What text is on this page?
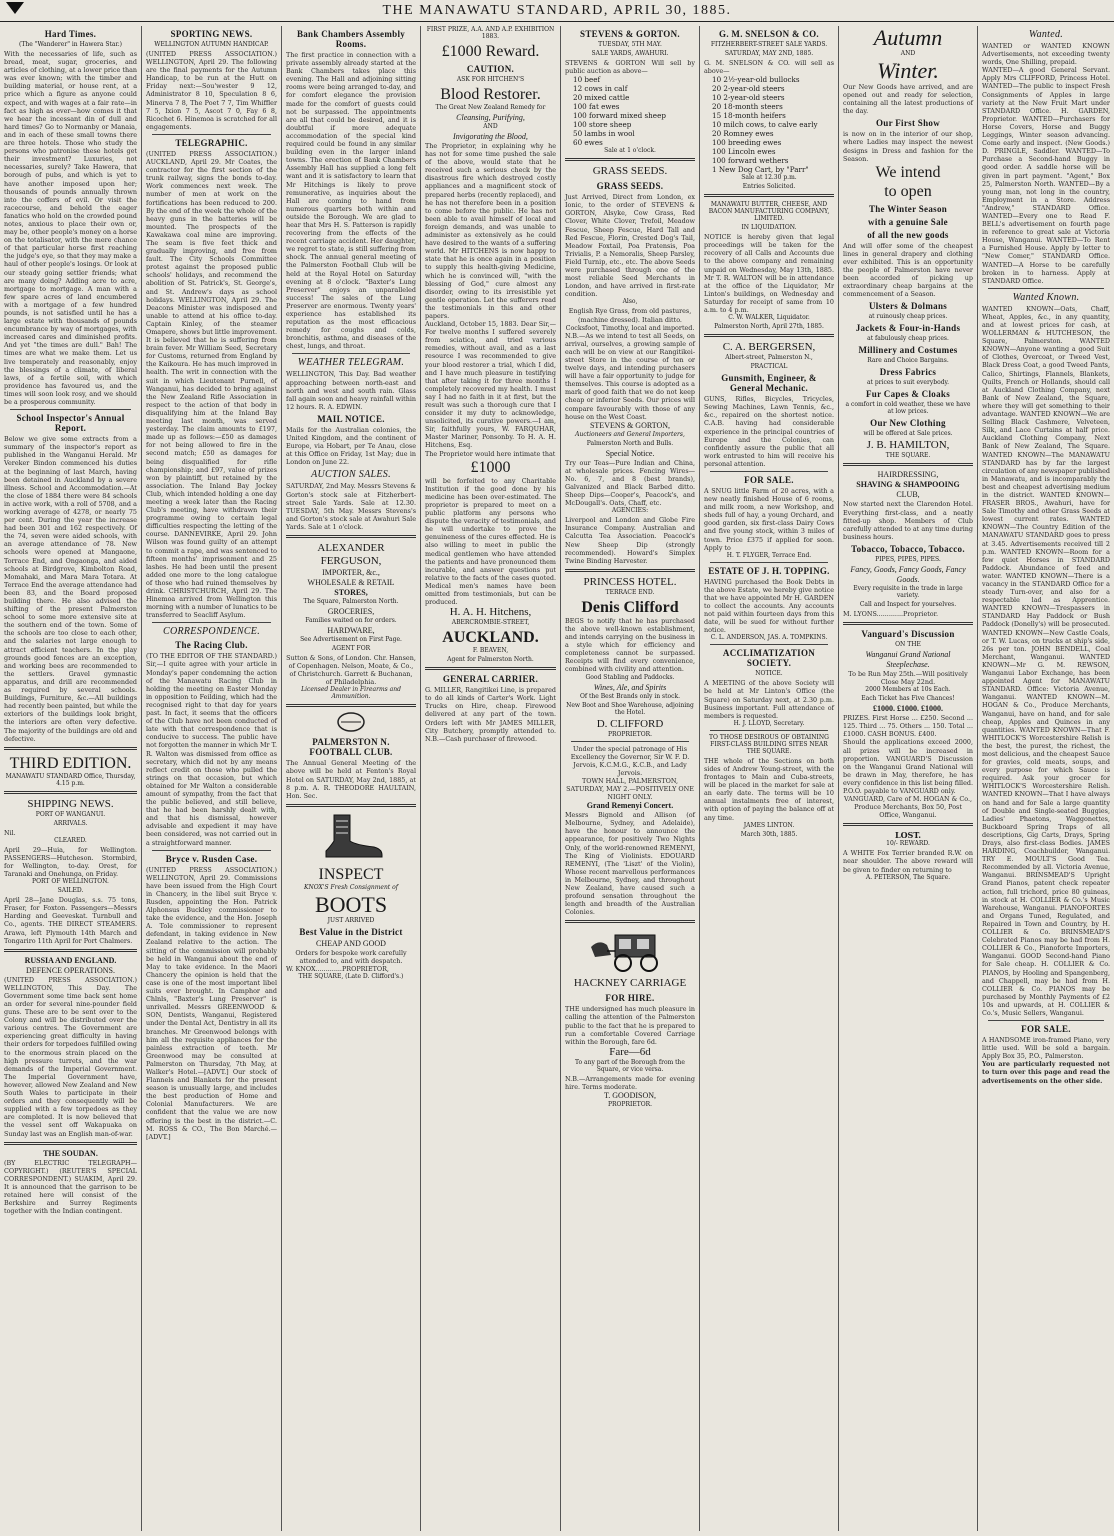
THE MANAWATU STANDARD, APRIL 30, 1885.
Hard Times.
(The "Wanderer" in Hawera Star.)
With the necessaries of life, such as bread, meat, sugar, groceries, and articles of clothing, at a lower price than was ever known; with the timber and building material, or house rent, at a price which a figure as anyone could expect, and with wages at a fair rate—in fact as high as ever—how comes it that we hear the incessant din of dull and hard times? Go to Normanby or Manaia, and in each of these small towns there are three hotels. Those who study the persons who patronise these hotels get their investment? Luxuries, not necessaries, surely? Take Hawera, that borough of pubs, and which is yet to have another imposed upon her; thousands of pounds annually thrown into the coffers of evil. Or visit the racecourse, and behold the eager fanatics who hold on the crowded pound notes, anxious to place their own or, may be, other people's money on a horse on the totalisator, with the mere chance of that particular horse first reaching the judge's eye, so that they may make a haul of other people's losings. Or look at our steady going settler friends; what are many doing? Adding acre to acre, mortgage to mortgage. A man with a few spare acres of land encumbered with a mortgage of a few hundred pounds, is not satisfied until he has a large estate with thousands of pounds encumbrance by way of mortgages, with increased cares and diminished profits. And yet "the times are dull." Bah! The times are what we make them. Let us live temperately and reasonably, enjoy the blessings of a climate, of liberal laws, of a fertile soil, with which providence has favoured us, and the times will soon look rosy, and we should be a prosperous community.
School Inspector's Annual Report.
Below we give some extracts from a summary of the inspector's report as published in the Wanganui Herald. Mr Vereker Bindon commenced his duties at the beginning of last March, having been detained in Auckland by a severe illness. School and Accommodation.—At the close of 1884 there were 84 schools in active work, with a roll of 5708, and a working average of 4278, or nearly 75 per cent. During the year the increase had been 301 and 162 respectively. Of the 74, seven were aided schools, with an average attendance of 78. New schools were opened at Mangaone, Torrace End, and Ongaonga, and aided schools at Birdgrove, Kimbolton Road, Momahaki, and Mara Mara Totara. At Terrace End the average attendance had been 83, and the Board proposed building there. He also advised the shifting of the present Palmerston school to some more extensive site at the southern end of the town. Some of the schools are too close to each other, and the salaries not large enough to attract efficient teachers. In the play grounds good fences are an exception, and working bees are recommended to the settlers. Gravel gymnastic apparatus, and drill are recommended as required by several schools. Buildings, Furniture, &c.—All buildings had recently been painted, but while the exteriors of the buildings look bright, the interiors are often very defective. The majority of the buildings are old and defective.
THIRD EDITION.
MANAWATU STANDARD Office, Thursday, 4.15 p.m.
SHIPPING NEWS.
PORT OF WANGANUI.
ARRIVALS.
Nil.
CLEARED.
April 29—Huia, for Wellington. PASSENGERS—Hutcheson. Stormbird, for Wellington, to-day. Orest, for Taranaki and Onehunga, on Friday.
PORT OF WELLINGTON.
SAILED.
April 28—Jane Douglas, s.s. 75 tons, Fraser, for Foxton. Passengers—Messrs Harding and Geeveskat. Turnbull and Co., agents. THE DIRECT STEAMERS. Arawa, left Plymouth 14th March and Tongariro 11th April for Port Chalmers.
RUSSIA AND ENGLAND.
DEFENCE OPERATIONS.
(UNITED PRESS ASSOCIATION.) WELLINGTON, This Day. The Government some time back sent home an order for several nine-pounder field guns. These are to be sent over to the Colony and will be distributed over the various centres. The Government are experiencing great difficulty in having their orders for torpedoes fulfilled owing to the enormous strain placed on the high pressure turrets, and the war demands of the Imperial Government. The Imperial Government have, however, allowed New Zealand and New South Wales to participate in their orders and they consequently will be supplied with a few torpedoes as they are completed. It is now believed that the vessel sent off Wakapuaka on Sunday last was an English man-of-war.
THE SOUDAN.
(BY ELECTRIC TELEGRAPH—COPYRIGHT.) (REUTER'S SPECIAL CORRESPONDENT.) SUAKIM, April 29. It is announced that the garrison to be retained here will consist of the Berkshire and Surrey Regiments together with the Indian contingent.
SPORTING NEWS.
WELLINGTON AUTUMN HANDICAP.
(UNITED PRESS ASSOCIATION.) WELLINGTON, April 29. The following are the final payments for the Autumn Handicap, to be run at the Hutt on Friday next:—Sou'wester 9 12, Administrator 8 10, Speculation 8 6, Minerva 7 8, The Poet 7 7, Tim Whiffler 7 5, Ixion 7 5, Ascot 7 0, Fay 6 8, Ricochet 6. Hinemoa is scratched for all engagements.
TELEGRAPHIC.
(UNITED PRESS ASSOCIATION.) AUCKLAND, April 29. Mr Coates, the contractor for the first section of the trunk railway, signs the bonds to-day. Work commences next week. The number of men at work on the fortifications has been reduced to 200. By the end of the week the whole of the heavy guns in the batteries will be mounted. The prospects of the Kawakawa coal mine are improving. The seam is five feet thick and gradually improving, and free from fault. The City Schools Committee protest against the proposed public schools' holidays, and recommend the abolition of St. Patrick's, St. George's, and St. Andrew's days as school holidays. WELLINGTON, April 29. The Deacons Minister was indisposed and unable to attend at his office to-day. Captain Kinley, of the steamer Omapere, shows but little improvement. It is believed that he is suffering from brain fever. Mr William Seed, Secretary for Customs, returned from England by the Kaikoura. He has much improved in health. The writ in connection with the suit in which Lieutenant Purnell, of Wanganui, has decided to bring against the New Zealand Rifle Association in respect to the action of that body in disqualifying him at the Inland Bay meeting last month, was served yesterday. The claim amounts to £197, made up as follows:—£50 as damages for not being allowed to fire in the second match; £50 as damages for being disqualified for rifle championship; and £97, value of prizes won by plaintiff, but retained by the association. The Inland Bay Jockey Club, which intended holding a one day meeting a week later than the Racing Club's meeting, have withdrawn their programme owing to certain legal difficulties respecting the letting of the course. DANNEVIRKE, April 29. John Wilson was found guilty of an attempt to commit a rape, and was sentenced to fifteen months' imprisonment and 25 lashes. He had been until the present added one more to the long catalogue of those who had ruined themselves by drink. CHRISTCHURCH, April 29. The Hinemoa arrived from Wellington this morning with a number of lunatics to be transferred to Seacliff Asylum.
CORRESPONDENCE.
The Racing Club.
(TO THE EDITOR OF THE STANDARD.) Sir,—I quite agree with your article in Monday's paper condemning the action of the Manawatu Racing Club in holding the meeting on Easter Monday in opposition to Feilding, which had the recognised right to that day for years past. In fact, it seems that the officers of the Club have not been conducted of late with that correspondence that is conducive to success. The public have not forgotten the manner in which Mr T. R. Walton was dismissed from office as secretary, which did not by any means reflect credit on those who pulled the strings on that occasion, but which obtained for Mr Walton a considerable amount of sympathy, from the fact that the public believed, and still believe, that he had been harshly dealt with, and that his dismissal, however advisable and expedient it may have been considered, was not carried out in a straightforward manner.
Bryce v. Rusden Case.
(UNITED PRESS ASSOCIATION.) WELLINGTON, April 29. Commissions have been issued from the High Court in Chancery, in the libel suit Bryce v. Rusden, appointing the Hon. Patrick Alphonsus Buckley commissioner to take the evidence, and the Hon. Joseph A. Tole commissioner to represent defendant, in taking evidence in New Zealand relative to the action. The sitting of the commission will probably be held in Wanganui about the end of May to take evidence. In the Maori Chancery the opinion is held that the case is one of the most important libel suits ever brought. In Camphor and Chlnls, "Baxter's Lung Preserver" is unrivalled. Messrs GREENWOOD & SON, Dentists, Wanganui, Registered under the Dental Act, Dentistry in all its branches. Mr Greenwood belongs with him all the requisite appliances for the painless extraction of teeth. Mr Greenwood may be consulted at Palmerston on Thursday, 7th May, at Walker's Hotel.—[ADVT.] Our stock of Flannels and Blankets for the present season is unusually large, and includes the best production of Home and Colonial Manufacturers. We are confident that the value we are now offering is the best in the district.—C. M. ROSS & CO., The Bon Marché.—[ADVT.]
Bank Chambers Assembly Rooms.
The first practice in connection with a private assembly already started at the Bank Chambers takes place this evening. The Hall and adjoining sitting rooms were being arranged to-day, and for comfort elegance the provision made for the comfort of guests could not be surpassed. The appointments are all that could be desired, and it is doubtful if more adequate accommodation of the special kind required could be found in any similar building even in the larger inland towns. The erection of Bank Chambers Assembly Hall has supplied a long felt want and it is satisfactory to learn that Mr Hitchings is likely to prove remunerative, as inquiries about the Hall are coming to hand from numerous quarters both within and outside the Borough. We are glad to hear that Mrs H. S. Patterson is rapidly recovering from the effects of the recent carriage accident. Her daughter, we regret to state, is still suffering from shock. The annual general meeting of the Palmerston Football Club will be held at the Royal Hotel on Saturday evening at 8 o'clock. "Baxter's Lung Preserver" enjoys an unparalleled success! The sales of the Lung Preserver are enormous. Twenty years' experience has established its reputation as the most efficacious remedy for coughs and colds, bronchitis, asthma, and diseases of the chest, lungs, and throat.
WEATHER TELEGRAM.
WELLINGTON, This Day. Bad weather approaching between north-east and north and west and south rain. Glass fall again soon and heavy rainfall within 12 hours. R. A. EDWIN.
MAIL NOTICE.
Mails for the Australian colonies, the United Kingdom, and the continent of Europe, via Hobart, per Te Anau, close at this Office on Friday, 1st May; due in London on June 22.
AUCTION SALES.
SATURDAY, 2nd May. Messrs Stevens & Gorton's stock sale at Fitzherbert-street Sale Yards. Sale at 12.30. TUESDAY, 5th May. Messrs Stevens's and Gorton's stock sale at Awahuri Sale Yards. Sale at 1 o'clock.
ALEXANDER FERGUSON,
IMPORTER, &c.,
WHOLESALE & RETAIL
STORES,
The Square, Palmerston North.
GROCERIES,
Families waited on for orders.
HARDWARE,
See Advertisement on First Page.
AGENT FOR
Sutton & Sons, of London. Chr. Hansen, of Copenhagen. Nelson, Moate, & Co., of Christchurch. Garrett & Buchanan, of Philadelphia.
Licensed Dealer in Firearms and Ammunition.
PALMERSTON N. FOOTBALL CLUB.
The Annual General Meeting of the above will be held at Fenton's Royal Hotel on SATURDAY, May 2nd, 1885, at 8 p.m. A. R. THEODORE HAULTAIN, Hon. Sec.
INSPECT
KNOX'S Fresh Consignment of
BOOTS
JUST ARRIVED
Best Value in the District
CHEAP AND GOOD
Orders for bespoke work carefully attended to, and with despatch.
W. KNOX.............PROPRIETOR,
THE SQUARE, (Late D. Clifford's.)
FIRST PRIZE, A.A. AND A.P. EXHIBITION 1883.
£1000 Reward.
CAUTION.
ASK FOR HITCHEN'S
Blood Restorer.
The Great New Zealand Remedy for
Cleansing, Purifying,
AND
Invigorating the Blood,
The Proprietor, in explaining why he has not for some time pushed the sale of the above, would state that he received such a serious check by the disastrous fire which destroyed costly appliances and a magnificent stock of prepared herbs (recently replaced), and he has not therefore been in a position to come before the public. He has not been able to avail himself of local and foreign demands, and was unable to administer as extensively as he could have desired to the wants of a suffering world. Mr HITCHENS is now happy to state that he is once again in a position to supply this health-giving Medicine, which he is convinced will, "with the blessing of God," cure almost any disorder, owing to its irresistible yet gentle operation. Let the sufferers read the testimonials in this and other papers.
Auckland, October 15, 1883. Dear Sir,—For twelve months I suffered severely from sciatica, and tried various remedies, without avail, and as a last resource I was recommended to give your blood restorer a trial, which I did, and I have much pleasure in testifying that after taking it for three months I completely recovered my health. I must say I had no faith in it at first, but the result was such a thorough cure that I consider it my duty to acknowledge, unsolicited, its curative powers.—I am, Sir, faithfully yours, W. FARQUHAR, Master Mariner, Ponsonby. To H. A. H. Hitchens, Esq.
The Proprietor would here intimate that
£1000
will be forfeited to any Charitable Institution if the good done by his medicine has been over-estimated. The proprietor is prepared to meet on a public platform any persons who dispute the veracity of testimonials, and he will undertake to prove the genuineness of the cures effected. He is also willing to meet in public the medical gentlemen who have attended the patients and have pronounced them incurable, and answer questions put relative to the facts of the cases quoted. Medical men's names have been omitted from testimonials, but can be produced.
H. A. H. Hitchens,
ABERCROMBIE-STREET,
AUCKLAND.
F. BEAVEN,
Agent for Palmerston North.
GENERAL CARRIER.
G. MILLER, Rangitikei Line, is prepared to do all kinds of Carter's Work. Light Trucks on Hire, cheap. Firewood delivered at any part of the town. Orders left with Mr JAMES MILLER, City Butchery, promptly attended to. N.B.—Cash purchaser of firewood.
STEVENS & GORTON.
TUESDAY, 5TH MAY.
SALE YARDS, AWAHURI.
STEVENS & GORTON Will sell by public auction as above—
10 beef
12 cows in calf
20 mixed cattle
100 fat ewes
100 forward mixed sheep
100 store sheep
50 lambs in wool
60 ewes
Sale at 1 o'clock.
GRASS SEEDS.
GRASS SEEDS.
Just Arrived, Direct from London, ex Ionic, to the order of STEVENS & GORTON, Alsyke, Cow Grass, Red Clover, White Clover, Trefoil, Meadow Fescue, Sheep Fescue, Hard Tall and Red Fescue, Florin, Crested Dog's Tail, Meadow Foxtail, Poa Pratensis, Poa Trivialis, P. a Nemoralis, Sheep Parsley, Field Turnip, etc., etc. The above Seeds were purchased through one of the most reliable Seed Merchants in London, and have arrived in first-rate condition.
Also,
English Rye Grass, from old pastures, (machine dressed). Italian ditto. Cocksfoot, Timothy, local and imported.
N.B.—As we intend to test all Seeds, on arrival, ourselves, a growing sample of each will be on view at our Rangitikei-street Store in the course of ten or twelve days, and intending purchasers will have a fair opportunity to judge for themselves. This course is adopted as a mark of good faith that we do not keep cheap or inferior Seeds. Our prices will compare favourably with those of any house on the West Coast.
STEVENS & GORTON,
Auctioneers and General Importers,
Palmerston North and Bulls.
Special Notice.
Try our Teas—Pure Indian and China, at wholesale prices. Fencing Wires—No. 6, 7, and 8 (best brands), Galvanized and Black Barbed ditto. Sheep Dips—Cooper's, Peacock's, and McDougall's. Oats, Chaff, etc.
AGENCIES:
Liverpool and London and Globe Fire Insurance Company. Australian and Calcutta Tea Association. Peacock's New Sheep Dip (strongly recommended). Howard's Simplex Twine Binding Harvester.
PRINCESS HOTEL.
TERRACE END.
Denis Clifford
BEGS to notify that he has purchased the above well-known establishment, and intends carrying on the business in a style which for efficiency and completeness cannot be surpassed. Receipts will find every convenience, combined with civility and attention.
Good Stabling and Paddocks.
Wines, Ale, and Spirits
Of the Best Brands only in stock.
New Boot and Shoe Warehouse, adjoining the Hotel.
D. CLIFFORD
PROPRIETOR.
Under the special patronage of His Excellency the Governor, Sir W. F. D. Jervois, K.C.M.G., K.C.B., and Lady Jervois.
TOWN HALL, PALMERSTON, SATURDAY, MAY 2.—POSITIVELY ONE NIGHT ONLY.
Grand Remenyi Concert.
Messrs Bignold and Allison (of Melbourne, Sydney, and Adelaide), have the honour to announce the appearance, for positively Two Nights Only, of the world-renowned REMENYI, The King of Violinists. EDOUARD REMENYI, (The 'Liszt' of the Violin), Whose recent marvellous performances in Melbourne, Sydney, and throughout New Zealand, have caused such a profound sensation throughout the length and breadth of the Australian Colonies.
HACKNEY CARRIAGE
FOR HIRE.
THE undersigned has much pleasure in calling the attention of the Palmerston public to the fact that he is prepared to run a comfortable Covered Carriage within the Borough, fare 6d.
Fare—6d
To any part of the Borough from the Square, or vice versa.
N.B.—Arrangements made for evening hire. Terms moderate.
T. GOODISON,
PROPRIETOR.
G. M. SNELSON & CO.
FITZHERBERT-STREET SALE YARDS.
SATURDAY, MAY 2ND, 1885.
G. M. SNELSON & CO. will sell as above—
10 2½-year-old bullocks
20 2-year-old steers
10 2-year-old steers
20 18-month steers
15 18-month heifers
10 milch cows, to calve early
20 Romney ewes
100 breeding ewes
100 Lincoln ewes
100 forward wethers
1 New Dog Cart, by "Parr"
Sale at 12.30 p.m.
Entries Solicited.
MANAWATU BUTTER, CHEESE, AND BACON MANUFACTURING COMPANY, LIMITED.
IN LIQUIDATION.
NOTICE is hereby given that legal proceedings will be taken for the recovery of all Calls and Accounts due to the above company and remaining unpaid on Wednesday, May 13th, 1885. Mr T. R. WALTON will be in attendance at the office of the Liquidator, Mr Linton's buildings, on Wednesday and Saturday for receipt of same from 10 a.m. to 4 p.m.
C. W. WALKER, Liquidator.
Palmerston North, April 27th, 1885.
C. A. BERGERSEN,
Albert-street, Palmerston N.,
PRACTICAL
Gunsmith, Engineer, & General Mechanic.
GUNS, Rifles, Bicycles, Tricycles, Sewing Machines, Lawn Tennis, &c., &c., repaired on the shortest notice. C.A.B. having had considerable experience in the principal countries of Europe and the Colonies, can confidently assure the public that all work entrusted to him will receive his personal attention.
FOR SALE.
A SNUG little Farm of 20 acres, with a new neatly finished House of 6 rooms, and milk room, a new Workshop, and sheds full of hay, a young Orchard, and good garden, six first-class Dairy Cows and five young stock, within 3 miles of town. Price £375 if applied for soon. Apply to
H. T. FLYGER, Terrace End.
ESTATE OF J. H. TOPPING.
HAVING purchased the Book Debts in the above Estate, we hereby give notice that we have appointed Mr H. GARDEN to collect the accounts. Any accounts not paid within fourteen days from this date, will be sued for without further notice.
C. L. ANDERSON, JAS. A. TOMPKINS.
ACCLIMATIZATION SOCIETY.
NOTICE.
A MEETING of the above Society will be held at Mr Linton's Office (the Square) on Saturday next, at 2.30 p.m. Business important. Full attendance of members is requested.
H. J. LLOYD, Secretary.
TO THOSE DESIROUS OF OBTAINING FIRST-CLASS BUILDING SITES NEAR THE SQUARE.
THE whole of the Sections on both sides of Andrew Young-street, with the frontages to Main and Cuba-streets, will be placed in the market for sale at an early date. The terms will be 10 annual instalments free of interest, with option of paying the balance off at any time.
JAMES LINTON.
March 30th, 1885.
Autumn
AND
Winter.
Our New Goods have arrived, and are opened out and ready for selection, containing all the latest productions of the day.
Our First Show
is now on in the interior of our shop, where Ladies may inspect the newest designs in Dress and fashion for the Season.
We intend
to open
The Winter Season
with a genuine Sale
of all the new goods
And will offer some of the cheapest lines in general drapery and clothing ever exhibited. This is an opportunity the people of Palmerston have never been accorded of picking up extraordinary cheap bargains at the commencement of a Season.
Ulsters & Dolmans
at ruinously cheap prices.
Jackets & Four-in-Hands
at fabulously cheap prices.
Millinery and Costumes
Rare and Choice Bargains.
Dress Fabrics
at prices to suit everybody.
Fur Capes & Cloaks
a comfort in cold weather, these we have at low prices.
Our New Clothing
will be offered at Sale prices.
J. B. HAMILTON,
THE SQUARE.
HAIRDRESSING,
SHAVING & SHAMPOOING
CLUB,
Now started next the Clarendon Hotel. Everything first-class, and a neatly fitted-up shop. Members of Club carefully attended to at any time during business hours.
Tobacco, Tobacco, Tobacco.
PIPES, PIPES, PIPES.
Fancy, Goods, Fancy Goods, Fancy Goods.
Every requisite in the trade in large variety.
Call and Inspect for yourselves.
M. LYONS.............Proprietor.
Vanguard's Discussion
ON THE
Wanganui Grand National Steeplechase.
To be Run May 25th.—Will positively Close May 22nd.
2000 Members at 10s Each.
Each Ticket has Five Chances!
£1000. £1000. £1000.
PRIZES. First Horse ... £250. Second ... 125. Third ... 75. Others ... 150. Total ... £1000. CASH BONUS. £400.
Should the applications exceed 2000, all prizes will be increased in proportion. VANGUARD'S Discussion on the Wanganui Grand National will be drawn in May, therefore, he has every confidence in this list being filled. P.O.O. payable to VANGUARD only.
VANGUARD, Care of M. HOGAN & Co., Produce Merchants, Box 50, Post Office, Wanganui.
LOST.
10/- REWARD.
A WHITE Fox Terrier branded R.W. on near shoulder. The above reward will be given to finder on returning to
A. PETERSON, The Square.
Wanted.
WANTED or WANTED KNOWN Advertisements, not exceeding twenty words, One Shilling, prepaid.
WANTED—A good General Servant. Apply Mrs CLIFFORD, Princess Hotel. WANTED—The public to inspect Fresh Consignments of Apples in large variety at the New Fruit Mart under STANDARD Office. H. GARDEN, Proprietor. WANTED—Purchasers for Horse Covers, Horse and Buggy Leggings, Winter season advancing. Come early and inspect. (New Goods.) D. PRINGLE, Saddler. WANTED—To Purchase a Second-hand Buggy in good order. A saddle horse will be given in part payment. "Agent," Box 25, Palmerston North. WANTED—By a young man, not long in the country, Employment in a Store. Address "Andrew," STANDARD Office. WANTED—Every one to Read F. BELL's advertisement on fourth page in reference to great sale at Victoria House, Wanganui. WANTED—To Rent a Furnished House. Apply by letter to "New Comer," STANDARD Office. WANTED—A Horse to be carefully broken in to harness. Apply at STANDARD Office.
Wanted Known.
WANTED KNOWN—Oats, Chaff, Wheat, Apples, &c., in any quantity, and at lowest prices for cash, at WOLLERMAN & HUTCHESON, the Square, Palmerston. WANTED KNOWN—Anyone wanting a good Suit of Clothes, Overcoat, or Tweed Vest, Black Dress Coat, a good Tweed Pants, Calico, Shirtings, Flannels, Blankets, Quilts, French or Hollands, should call at Auckland Clothing Company, next Bank of New Zealand, the Square, where they will get something to their advantage. WANTED KNOWN—We are Selling Black Cashmere, Velveteen, Silk, and Lace Curtains at half price. Auckland Clothing Company, Next Bank of New Zealand, The Square. WANTED KNOWN—The MANAWATU STANDARD has by far the largest circulation of any newspaper published in Manawatu, and is incomparably the best and cheapest advertising medium in the district. WANTED KNOWN—FRASER BROS., Awahuri, have for Sale Timothy and other Grass Seeds at lowest current rates. WANTED KNOWN—The Country Edition of the MANAWATU STANDARD goes to press at 3.45. Advertisements received till 2 p.m. WANTED KNOWN—Room for a few quiet Horses in STANDARD Paddock. Abundance of feed and water. WANTED KNOWN—There is a vacancy in the STANDARD Office for a steady Turn-over, and also for a respectable lad as Apprentice. WANTED KNOWN—Trespassers in STANDARD Hay Paddock or Bush Paddock (Donelly's) will be prosecuted. WANTED KNOWN—New Castle Coals, or T. W. Lucas, on trucks at ship's side, 26s per ton. JOHN BENDELL, Coal Merchant, Wanganui. WANTED KNOWN—Mr G. M. REWSON, Wanganui Labor Exchange, has been appointed Agent for MANAWATU STANDARD. Office: Victoria Avenue, Wanganui. WANTED KNOWN—M. HOGAN & Co., Produce Merchants, Wanganui, have on hand, and for sale cheap, Apples and Quinces in any quantities. WANTED KNOWN—That F. WHITLOCK'S Worcestershire Relish is the best, the purest, the richest, the most delicious, and the cheapest Sauce for gravies, cold meats, soups, and every purpose for which Sauce is required. Ask your grocer for WHITLOCK'S Worcestershire Relish. WANTED KNOWN—That I have always on hand and for Sale a large quantity of Double and Single-seated Buggies, Ladies' Phaetons, Waggonettes, Buckboard Spring Traps of all descriptions, Gig Carts, Drays, Spring Drays, also first-class Bodies. JAMES HARDING, Coachbuilder, Wanganui. TRY E. MOULT'S Good Tea. Recommended by all. Victoria Avenue, Wanganui. BRINSMEAD'S Upright Grand Pianos, patent check repeater action, full trichord, price 80 guineas, in stock at H. COLLIER & Co.'s Music Warehouse, Wanganui. PIANOFORTES and Organs Tuned, Regulated, and Repaired in Town and Country, by H. COLLIER & Co. BRINSMEAD'S Celebrated Pianos may be had from H. COLLIER & Co., Pianoforte Importers, Wanganui. GOOD Second-hand Piano for Sale cheap. H. COLLIER & Co. PIANOS, by Hooling and Spangenberg, and Chappell, may be had from H. COLLIER & Co. PIANOS may be purchased by Monthly Payments of £2 10s and upwards, at H. COLLIER & Co.'s, Music Sellers, Wanganui.
FOR SALE.
A HANDSOME iron-framed Piano, very little used. Will be sold a bargain. Apply Box 35, P.O., Palmerston.
You are particularly requested not to turn over this page and read the advertisements on the other side.
